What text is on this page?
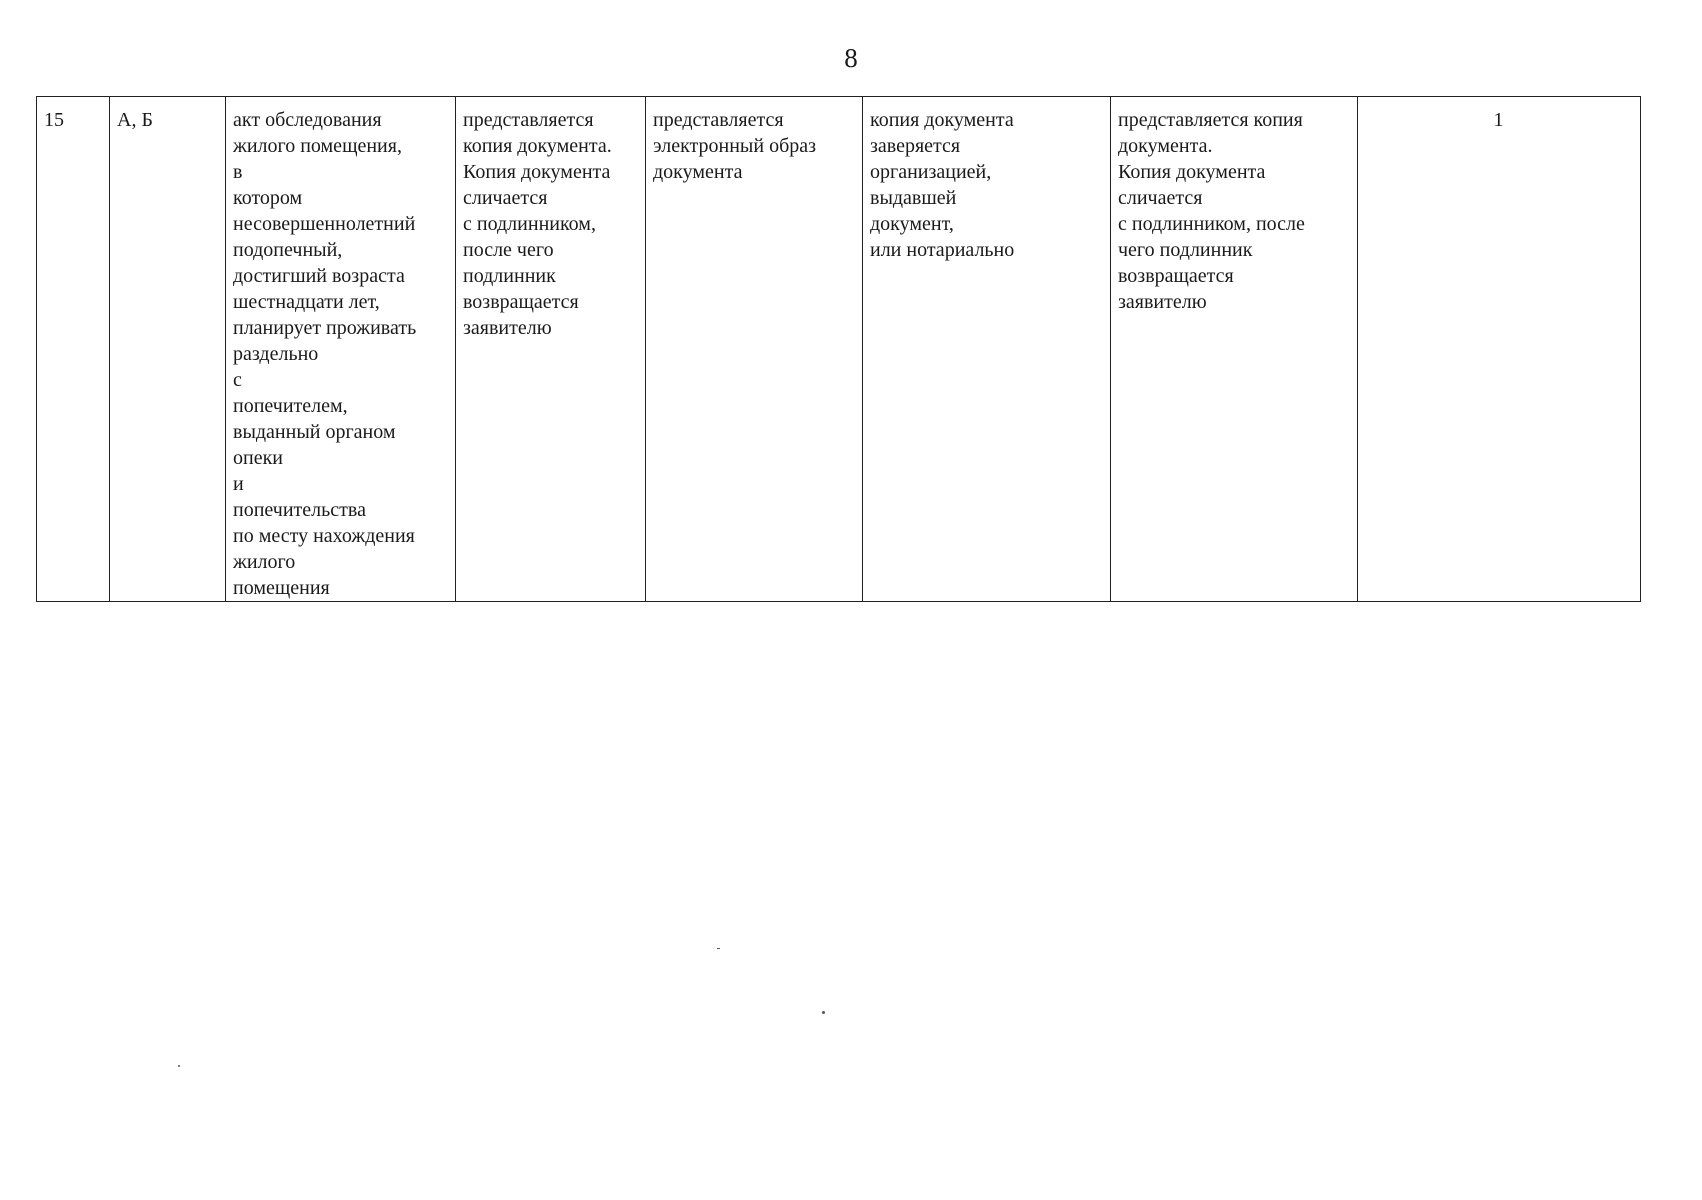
8
15	А, Б	акт обследования
жилого помещения,
в
котором
несовершеннолетний
подопечный,
достигший возраста
шестнадцати лет,
планирует проживать
раздельно
с
попечителем,
выданный органом
опеки
и
попечительства
по месту нахождения
жилого
помещения	представляется
копия документа.
Копия документа
сличается
с подлинником,
после чего
подлинник
возвращается
заявителю	представляется
электронный образ
документа	копия документа
заверяется
организацией,
выдавшей
документ,
или нотариально	представляется копия
документа.
Копия документа
сличается
с подлинником, после
чего подлинник
возвращается
заявителю	1
